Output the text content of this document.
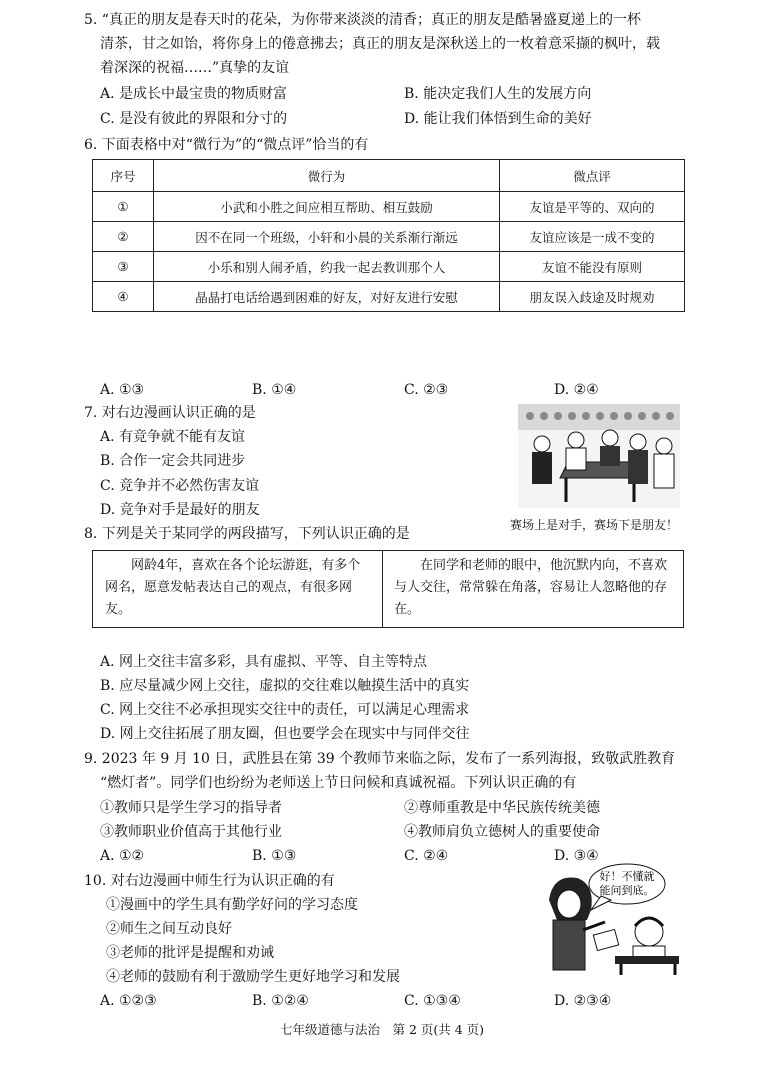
5. “真正的朋友是春天时的花朵，为你带来淡淡的清香；真正的朋友是酷暑盛夏递上的一杯
清茶，甘之如饴，将你身上的倦意拂去；真正的朋友是深秋送上的一枚着意采撷的枫叶，载
着深深的祝福……”真挚的友谊
A. 是成长中最宝贵的物质财富	B. 能决定我们人生的发展方向
C. 是没有彼此的界限和分寸的	D. 能让我们体悟到生命的美好
6. 下面表格中对“微行为”的“微点评”恰当的有
序号	微行为	微点评
①	小武和小胜之间应相互帮助、相互鼓励	友谊是平等的、双向的
②	因不在同一个班级，小轩和小晨的关系渐行渐远	友谊应该是一成不变的
③	小乐和别人闹矛盾，约我一起去教训那个人	友谊不能没有原则
④	晶晶打电话给遇到困难的好友，对好友进行安慰	朋友误入歧途及时规劝
A. ①③	B. ①④	C. ②③	D. ②④
7. 对右边漫画认识正确的是
A. 有竞争就不能有友谊
B. 合作一定会共同进步
C. 竞争并不必然伤害友谊
D. 竞争对手是最好的朋友
赛场上是对手，赛场下是朋友！
8. 下列是关于某同学的两段描写，下列认识正确的是
网龄4年，喜欢在各个论坛游逛，有多个网名，愿意发帖表达自己的观点，有很多网友。
在同学和老师的眼中，他沉默内向，不喜欢与人交往，常常躲在角落，容易让人忽略他的存在。
A. 网上交往丰富多彩，具有虚拟、平等、自主等特点
B. 应尽量减少网上交往，虚拟的交往难以触摸生活中的真实
C. 网上交往不必承担现实交往中的责任，可以满足心理需求
D. 网上交往拓展了朋友圈，但也要学会在现实中与同伴交往
9. 2023 年 9 月 10 日，武胜县在第 39 个教师节来临之际，发布了一系列海报，致敬武胜教育
“燃灯者”。同学们也纷纷为老师送上节日问候和真诚祝福。下列认识正确的有
①教师只是学生学习的指导者	②尊师重教是中华民族传统美德
③教师职业价值高于其他行业	④教师肩负立德树人的重要使命
A. ①②	B. ①③	C. ②④	D. ③④
10. 对右边漫画中师生行为认识正确的有
①漫画中的学生具有勤学好问的学习态度
②师生之间互动良好
③老师的批评是提醒和劝诫
④老师的鼓励有利于激励学生更好地学习和发展
A. ①②③	B. ①②④	C. ①③④	D. ②③④
好！不懂就
能问到底。
七年级道德与法治　第 2 页(共 4 页)
